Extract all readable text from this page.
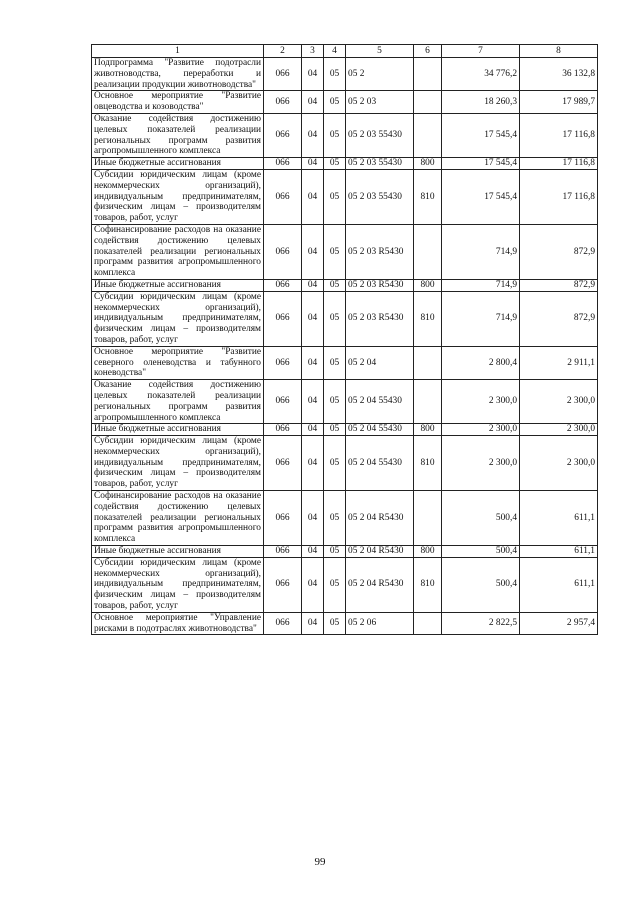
1	2	3	4	5	6	7	8
Подпрограмма "Развитие подотрасли животноводства, переработки и реализации продукции животноводства"	066	04	05	05 2		34 776,2	36 132,8
Основное мероприятие "Развитие овцеводства и козоводства"	066	04	05	05 2 03		18 260,3	17 989,7
Оказание содействия достижению целевых показателей реализации региональных программ развития агропромышленного комплекса	066	04	05	05 2 03 55430		17 545,4	17 116,8
Иные бюджетные ассигнования	066	04	05	05 2 03 55430	800	17 545,4	17 116,8
Субсидии юридическим лицам (кроме некоммерческих организаций), индивидуальным предпринимателям, физическим лицам – производителям товаров, работ, услуг	066	04	05	05 2 03 55430	810	17 545,4	17 116,8
Софинансирование расходов на оказание содействия достижению целевых показателей реализации региональных программ развития агропромышленного комплекса	066	04	05	05 2 03 R5430		714,9	872,9
Иные бюджетные ассигнования	066	04	05	05 2 03 R5430	800	714,9	872,9
Субсидии юридическим лицам (кроме некоммерческих организаций), индивидуальным предпринимателям, физическим лицам – производителям товаров, работ, услуг	066	04	05	05 2 03 R5430	810	714,9	872,9
Основное мероприятие "Развитие северного оленеводства и табунного коневодства"	066	04	05	05 2 04		2 800,4	2 911,1
Оказание содействия достижению целевых показателей реализации региональных программ развития агропромышленного комплекса	066	04	05	05 2 04 55430		2 300,0	2 300,0
Иные бюджетные ассигнования	066	04	05	05 2 04 55430	800	2 300,0	2 300,0
Субсидии юридическим лицам (кроме некоммерческих организаций), индивидуальным предпринимателям, физическим лицам – производителям товаров, работ, услуг	066	04	05	05 2 04 55430	810	2 300,0	2 300,0
Софинансирование расходов на оказание содействия достижению целевых показателей реализации региональных программ развития агропромышленного комплекса	066	04	05	05 2 04 R5430		500,4	611,1
Иные бюджетные ассигнования	066	04	05	05 2 04 R5430	800	500,4	611,1
Субсидии юридическим лицам (кроме некоммерческих организаций), индивидуальным предпринимателям, физическим лицам – производителям товаров, работ, услуг	066	04	05	05 2 04 R5430	810	500,4	611,1
Основное мероприятие "Управление рисками в подотраслях животноводства"	066	04	05	05 2 06		2 822,5	2 957,4
99
